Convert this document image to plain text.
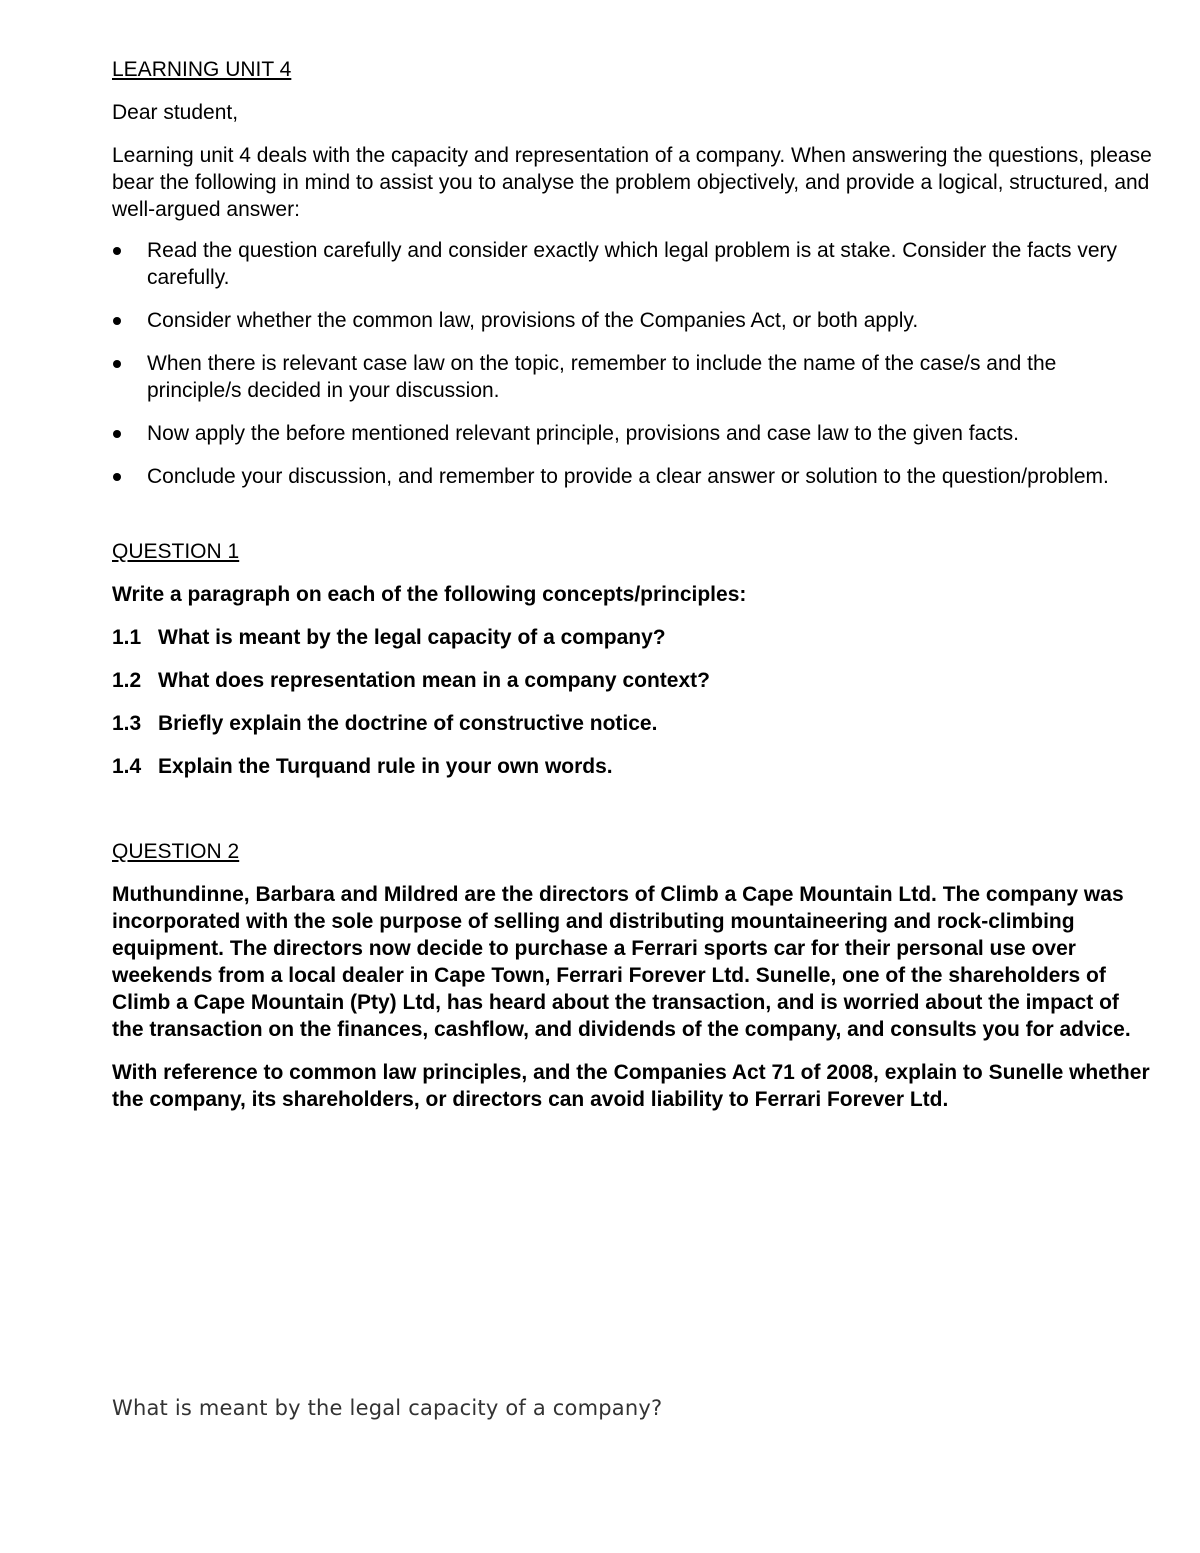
LEARNING UNIT 4

Dear student,

Learning unit 4 deals with the capacity and representation of a company. When answering the questions, please bear the following in mind to assist you to analyse the problem objectively, and provide a logical, structured, and well-argued answer:

Read the question carefully and consider exactly which legal problem is at stake. Consider the facts very carefully.
Consider whether the common law, provisions of the Companies Act, or both apply.
When there is relevant case law on the topic, remember to include the name of the case/s and the principle/s decided in your discussion.
Now apply the before mentioned relevant principle, provisions and case law to the given facts.
Conclude your discussion, and remember to provide a clear answer or solution to the question/problem.

QUESTION 1

Write a paragraph on each of the following concepts/principles:

1.1 What is meant by the legal capacity of a company?

1.2 What does representation mean in a company context?

1.3 Briefly explain the doctrine of constructive notice.

1.4 Explain the Turquand rule in your own words.

QUESTION 2

Muthundinne, Barbara and Mildred are the directors of Climb a Cape Mountain Ltd. The company was incorporated with the sole purpose of selling and distributing mountaineering and rock-climbing equipment. The directors now decide to purchase a Ferrari sports car for their personal use over weekends from a local dealer in Cape Town, Ferrari Forever Ltd. Sunelle, one of the shareholders of Climb a Cape Mountain (Pty) Ltd, has heard about the transaction, and is worried about the impact of the transaction on the finances, cashflow, and dividends of the company, and consults you for advice.

With reference to common law principles, and the Companies Act 71 of 2008, explain to Sunelle whether the company, its shareholders, or directors can avoid liability to Ferrari Forever Ltd.

What is meant by the legal capacity of a company?
